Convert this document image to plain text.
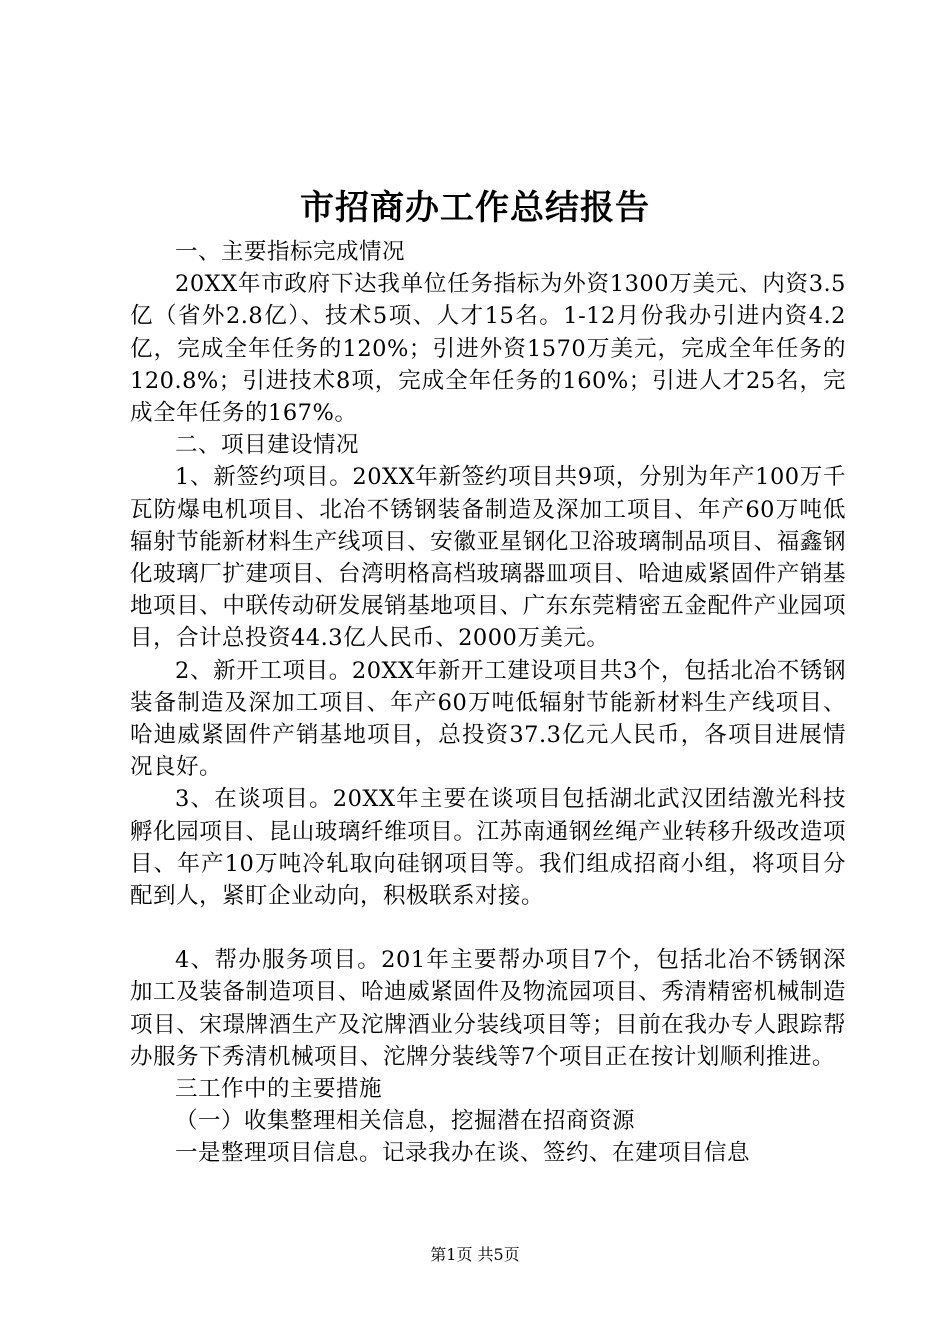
市招商办工作总结报告

一、主要指标完成情况

20XX年市政府下达我单位任务指标为外资1300万美元、内资3.5亿（省外2.8亿）、技术5项、人才15名。1-12月份我办引进内资4.2亿，完成全年任务的120%；引进外资1570万美元，完成全年任务的120.8%；引进技术8项，完成全年任务的160%；引进人才25名，完成全年任务的167%。

二、项目建设情况

1、新签约项目。20XX年新签约项目共9项，分别为年产100万千瓦防爆电机项目、北冶不锈钢装备制造及深加工项目、年产60万吨低辐射节能新材料生产线项目、安徽亚星钢化卫浴玻璃制品项目、福鑫钢化玻璃厂扩建项目、台湾明格高档玻璃器皿项目、哈迪威紧固件产销基地项目、中联传动研发展销基地项目、广东东莞精密五金配件产业园项目，合计总投资44.3亿人民币、2000万美元。

2、新开工项目。20XX年新开工建设项目共3个，包括北冶不锈钢装备制造及深加工项目、年产60万吨低辐射节能新材料生产线项目、哈迪威紧固件产销基地项目，总投资37.3亿元人民币，各项目进展情况良好。

3、在谈项目。20XX年主要在谈项目包括湖北武汉团结激光科技孵化园项目、昆山玻璃纤维项目。江苏南通钢丝绳产业转移升级改造项目、年产10万吨冷轧取向硅钢项目等。我们组成招商小组，将项目分配到人，紧盯企业动向，积极联系对接。

4、帮办服务项目。201年主要帮办项目7个，包括北冶不锈钢深加工及装备制造项目、哈迪威紧固件及物流园项目、秀清精密机械制造项目、宋璟牌酒生产及沱牌酒业分装线项目等；目前在我办专人跟踪帮办服务下秀清机械项目、沱牌分装线等7个项目正在按计划顺利推进。

三工作中的主要措施

（一）收集整理相关信息，挖掘潜在招商资源

一是整理项目信息。记录我办在谈、签约、在建项目信息

第1页 共5页
